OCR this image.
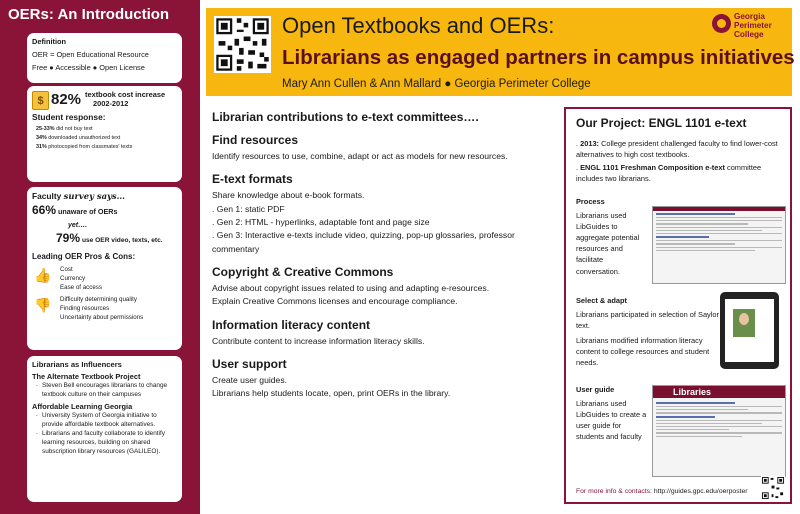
OERs: An Introduction
Definition
OER = Open Educational Resource
Free ● Accessible ● Open License
$ 82% textbook cost increase
2002-2012
Student response:
25-33% did not buy text
34% downloaded unauthorized text
31% photocopied from classmates' texts

Faculty survey says…
66% unaware of OERs
yet….
79% use OER video, texts, etc.
Leading OER Pros & Cons:
👍	Cost
Currency
Ease of access
👎	Difficulty determining quality
Finding resources
Uncertainty about permissions

Librarians as Influencers
The Alternate Textbook Project
. Steven Bell encourages librarians to change textbook culture on their campuses
Affordable Learning Georgia
. University System of Georgia initiative to provide affordable textbook alternatives.
. Librarians and faculty collaborate to identify learning resources, building on shared subscription library resources (GALILEO).

Open Textbooks and OERs:
Librarians as engaged partners in campus initiatives
Mary Ann Cullen & Ann Mallard ● Georgia Perimeter College
Georgia
Perimeter
College
Librarian contributions to e-text committees….
Find resources
Identify resources to use, combine, adapt or act as models for new resources.
E-text formats
Share knowledge about e-book formats.
. Gen 1: static PDF
. Gen 2: HTML - hyperlinks, adaptable font and page size
. Gen 3: Interactive e-texts include video, quizzing, pop-up glossaries, professor commentary
Copyright & Creative Commons
Advise about copyright issues related to using and adapting e-resources.
Explain Creative Commons licenses and encourage compliance.
Information literacy content
Contribute content to increase information literacy skills.
User support
Create user guides.
Librarians help students locate, open, print OERs in the library.
Our Project: ENGL 1101 e-text

. 2013: College president challenged faculty to find lower-cost alternatives to high cost textbooks.

. ENGL 1101 Freshman Composition e-text committee includes two librarians.

Process
Librarians used LibGuides to aggregate potential resources and facilitate conversation.
Select & adapt
Librarians participated in selection of Saylor text.
Librarians modified information literacy content to college resources and student needs.
User guide
Librarians used LibGuides to create a user guide for students and faculty
Libraries
For more info & contacts: http://guides.gpc.edu/oerposter
